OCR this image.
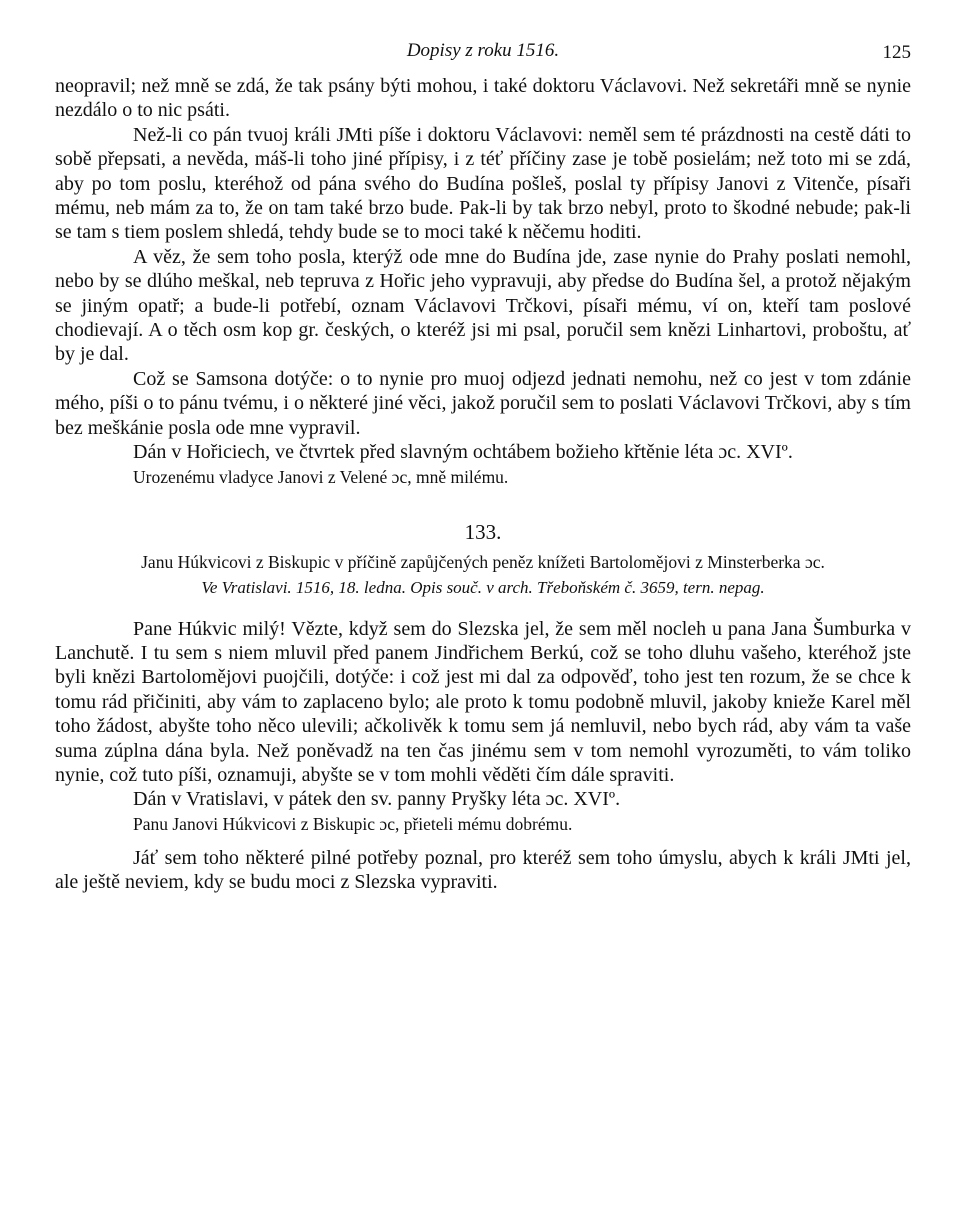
Dopisy z roku 1516.	125

neopravil; než mně se zdá, že tak psány býti mohou, i také doktoru Václavovi. Než sekretáři mně se nynie nezdálo o to nic psáti.

Než-li co pán tvuoj králi JMti píše i doktoru Václavovi: neměl sem té prázdnosti na cestě dáti to sobě přepsati, a nevěda, máš-li toho jiné přípisy, i z téť příčiny zase je tobě posielám; než toto mi se zdá, aby po tom poslu, kteréhož od pána svého do Budína pošleš, poslal ty přípisy Janovi z Vitenče, písaři mému, neb mám za to, že on tam také brzo bude. Pak-li by tak brzo nebyl, proto to škodné nebude; pak-li se tam s tiem poslem shledá, tehdy bude se to moci také k něčemu hoditi.

A věz, že sem toho posla, kterýž ode mne do Budína jde, zase nynie do Prahy poslati nemohl, nebo by se dlúho meškal, neb tepruva z Hořic jeho vypravuji, aby předse do Budína šel, a protož nějakým se jiným opatř; a bude-li potřebí, oznam Václavovi Trčkovi, písaři mému, ví on, kteří tam poslové chodievají. A o těch osm kop gr. českých, o kteréž jsi mi psal, poručil sem knězi Linhartovi, proboštu, ať by je dal.

Což se Samsona dotýče: o to nynie pro muoj odjezd jednati nemohu, než co jest v tom zdánie mého, píši o to pánu tvému, i o některé jiné věci, jakož poručil sem to poslati Václavovi Trčkovi, aby s tím bez meškánie posla ode mne vypravil.

Dán v Hořiciech, ve čtvrtek před slavným ochtábem božieho křtěnie léta ɔc. XVIº.

Urozenému vladyce Janovi z Velené ɔc, mně milému.

133.
Janu Húkvicovi z Biskupic v příčině zapůjčených peněz knížeti Bartolomějovi z Minsterberka ɔc.
Ve Vratislavi. 1516, 18. ledna. Opis souč. v arch. Třeboňském č. 3659, tern. nepag.

Pane Húkvic milý! Vězte, když sem do Slezska jel, že sem měl nocleh u pana Jana Šumburka v Lanchutě. I tu sem s niem mluvil před panem Jindřichem Berkú, což se toho dluhu vašeho, kteréhož jste byli knězi Bartolomějovi puojčili, dotýče: i což jest mi dal za odpověď, toho jest ten rozum, že se chce k tomu rád přičiniti, aby vám to zaplaceno bylo; ale proto k tomu podobně mluvil, jakoby knieže Karel měl toho žádost, abyšte toho něco ulevili; ačkolivěk k tomu sem já nemluvil, nebo bych rád, aby vám ta vaše suma zúplna dána byla. Než poněvadž na ten čas jinému sem v tom nemohl vyrozuměti, to vám toliko nynie, což tuto píši, oznamuji, abyšte se v tom mohli věděti čím dále spraviti.

Dán v Vratislavi, v pátek den sv. panny Pryšky léta ɔc. XVIº.

Panu Janovi Húkvicovi z Biskupic ɔc, přieteli mému dobrému.

Jáť sem toho některé pilné potřeby poznal, pro kteréž sem toho úmyslu, abych k králi JMti jel, ale ještě neviem, kdy se budu moci z Slezska vypraviti.
